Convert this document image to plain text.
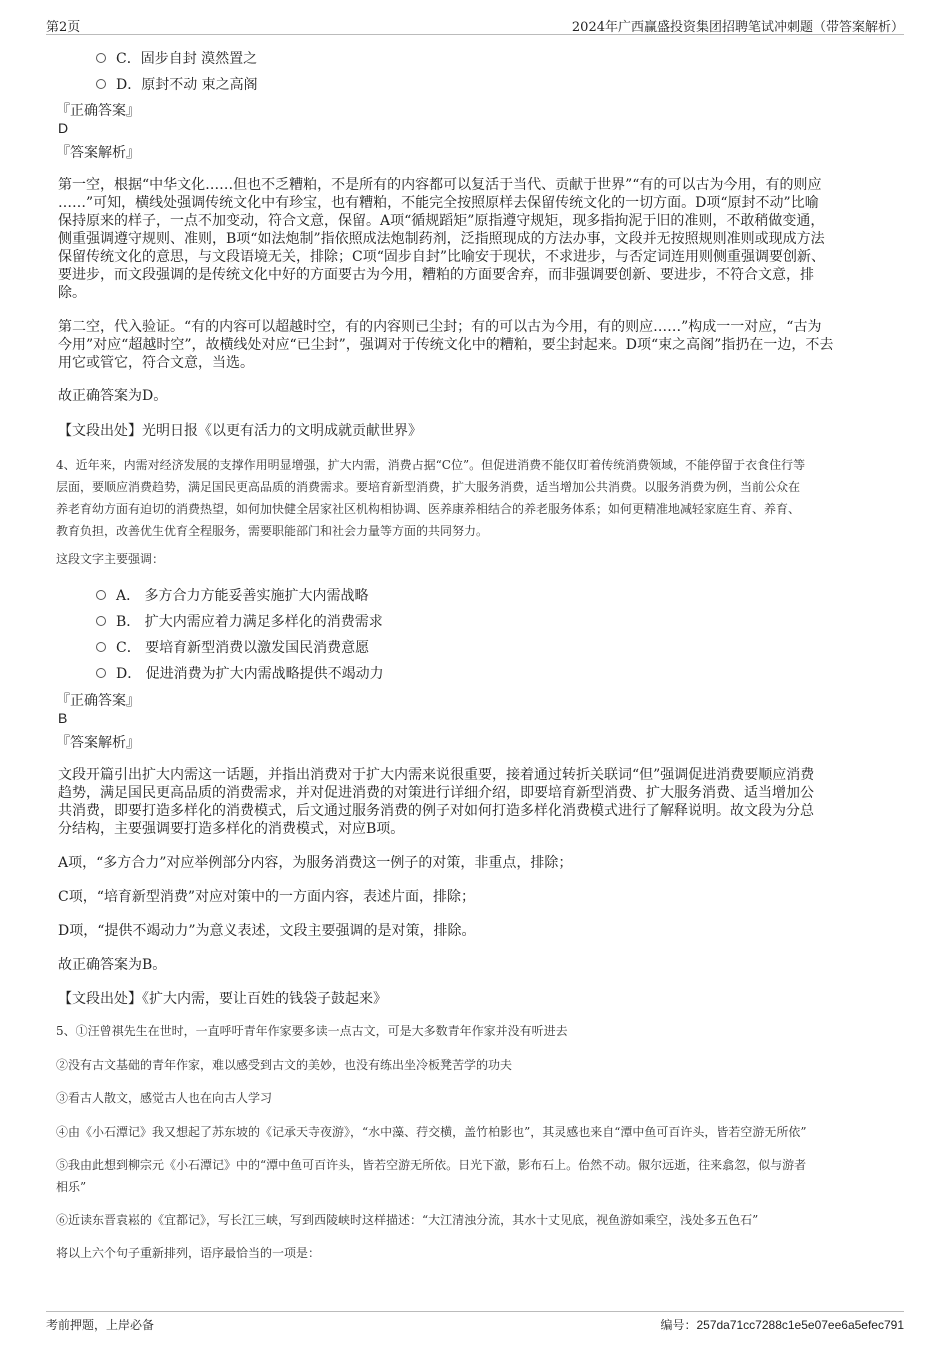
第2页	2024年广西赢盛投资集团招聘笔试冲刺题（带答案解析）
C．固步自封 漠然置之
D．原封不动 束之高阁
『正确答案』
D
『答案解析』
第一空，根据“中华文化……但也不乏糟粕，不是所有的内容都可以复活于当代、贡献于世界”“有的可以古为今用，有的则应
……”可知，横线处强调传统文化中有珍宝，也有糟粕，不能完全按照原样去保留传统文化的一切方面。D项“原封不动”比喻
保持原来的样子，一点不加变动，符合文意，保留。A项“循规蹈矩”原指遵守规矩，现多指拘泥于旧的准则，不敢稍做变通，
侧重强调遵守规则、准则，B项“如法炮制”指依照成法炮制药剂，泛指照现成的方法办事，文段并无按照规则准则或现成方法
保留传统文化的意思，与文段语境无关，排除；C项“固步自封”比喻安于现状，不求进步，与否定词连用则侧重强调要创新、
要进步，而文段强调的是传统文化中好的方面要古为今用，糟粕的方面要舍弃，而非强调要创新、要进步，不符合文意，排
除。
第二空，代入验证。“有的内容可以超越时空，有的内容则已尘封；有的可以古为今用，有的则应……”构成一一对应，“古为
今用”对应“超越时空”，故横线处对应“已尘封”，强调对于传统文化中的糟粕，要尘封起来。D项“束之高阁”指扔在一边，不去
用它或管它，符合文意，当选。
故正确答案为D。
【文段出处】光明日报《以更有活力的文明成就贡献世界》
4、近年来，内需对经济发展的支撑作用明显增强，扩大内需，消费占据“C位”。但促进消费不能仅盯着传统消费领域，不能停留于衣食住行等
层面，要顺应消费趋势，满足国民更高品质的消费需求。要培育新型消费，扩大服务消费，适当增加公共消费。以服务消费为例，当前公众在
养老育幼方面有迫切的消费热望，如何加快健全居家社区机构相协调、医养康养相结合的养老服务体系；如何更精准地减轻家庭生育、养育、
教育负担，改善优生优育全程服务，需要职能部门和社会力量等方面的共同努力。
这段文字主要强调：
A． 多方合力方能妥善实施扩大内需战略
B． 扩大内需应着力满足多样化的消费需求
C． 要培育新型消费以激发国民消费意愿
D． 促进消费为扩大内需战略提供不竭动力
『正确答案』
B
『答案解析』
文段开篇引出扩大内需这一话题，并指出消费对于扩大内需来说很重要，接着通过转折关联词“但”强调促进消费要顺应消费
趋势，满足国民更高品质的消费需求，并对促进消费的对策进行详细介绍，即要培育新型消费、扩大服务消费、适当增加公
共消费，即要打造多样化的消费模式，后文通过服务消费的例子对如何打造多样化消费模式进行了解释说明。故文段为分总
分结构，主要强调要打造多样化的消费模式，对应B项。
A项，“多方合力”对应举例部分内容，为服务消费这一例子的对策，非重点，排除；
C项，“培育新型消费”对应对策中的一方面内容，表述片面，排除；
D项，“提供不竭动力”为意义表述，文段主要强调的是对策，排除。
故正确答案为B。
【文段出处】《扩大内需，要让百姓的钱袋子鼓起来》
5、①汪曾祺先生在世时，一直呼吁青年作家要多读一点古文，可是大多数青年作家并没有听进去
②没有古文基础的青年作家，难以感受到古文的美妙，也没有练出坐冷板凳苦学的功夫
③看古人散文，感觉古人也在向古人学习
④由《小石潭记》我又想起了苏东坡的《记承天寺夜游》，“水中藻、荇交横，盖竹柏影也”，其灵感也来自“潭中鱼可百许头，皆若空游无所依”
⑤我由此想到柳宗元《小石潭记》中的“潭中鱼可百许头，皆若空游无所依。日光下澈，影布石上。佁然不动。俶尔远逝，往来翕忽，似与游者
相乐”
⑥近读东晋袁崧的《宜都记》，写长江三峡，写到西陵峡时这样描述：“大江清浊分流，其水十丈见底，视鱼游如乘空，浅处多五色石”
将以上六个句子重新排列，语序最恰当的一项是：
考前押题，上岸必备	编号：257da71cc7288c1e5e07ee6a5efec791
